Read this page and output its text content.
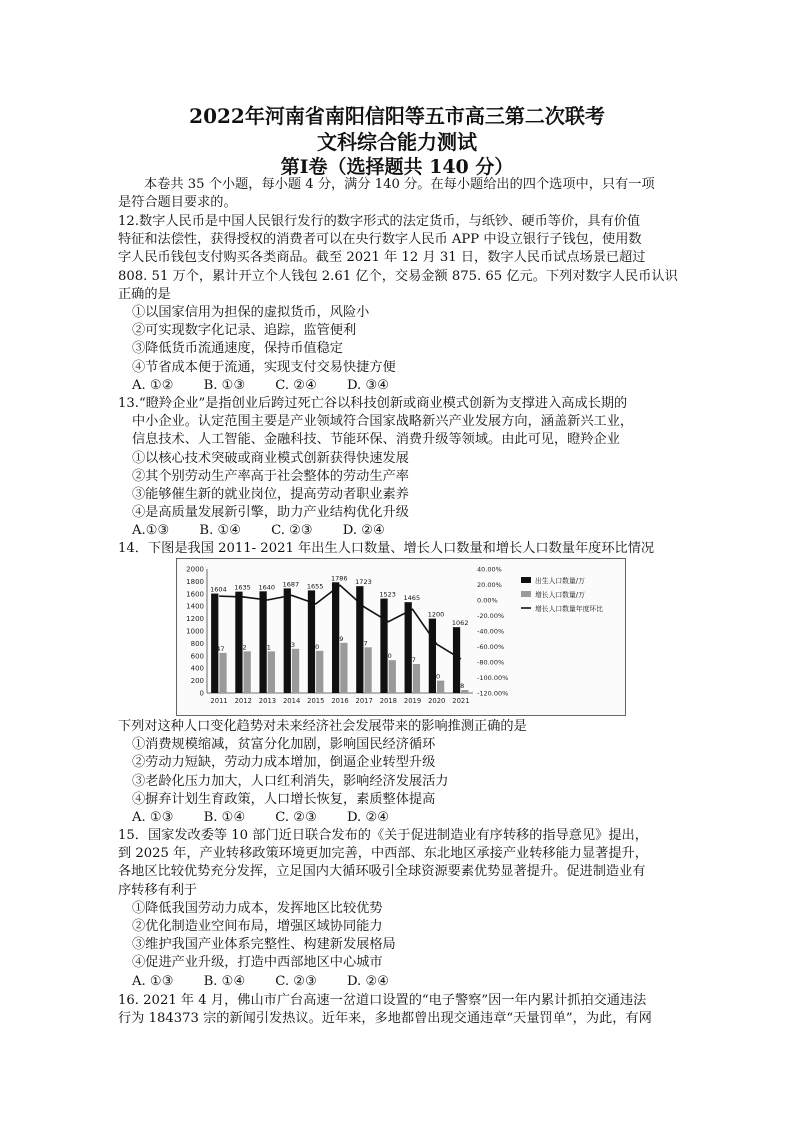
2022年河南省南阳信阳等五市高三第二次联考
文科综合能力测试
第Ⅰ卷（选择题共 140 分）
本卷共 35 个小题，每小题 4 分，满分 140 分。在每小题给出的四个选项中，只有一项
是符合题目要求的。
12.数字人民币是中国人民银行发行的数字形式的法定货币，与纸钞、硬币等价，具有价值
特征和法偿性，获得授权的消费者可以在央行数字人民币 APP 中设立银行子钱包，使用数
字人民币钱包支付购买各类商品。截至 2021 年 12 月 31 日，数字人民币试点场景已超过
808. 51 万个，累计开立个人钱包 2.61 亿个，交易金额 875. 65 亿元。下列对数字人民币认识
正确的是
①以国家信用为担保的虚拟货币，风险小
②可实现数字化记录、追踪，监管便利
③降低货币流通速度，保持币值稳定
④节省成本便于流通，实现支付交易快捷方便
A. ①② B. ①③ C. ②④ D. ③④
13.“瞪羚企业”是指创业后跨过死亡谷以科技创新或商业模式创新为支撑进入高成长期的
中小企业。认定范围主要是产业领域符合国家战略新兴产业发展方向，涵盖新兴工业，
信息技术、人工智能、金融科技、节能环保、消费升级等领域。由此可见，瞪羚企业
①以核心技术突破或商业模式创新获得快速发展
②其个别劳动生产率高于社会整体的劳动生产率
③能够催生新的就业岗位，提高劳动者职业素养
④是高质量发展新引擎，助力产业结构优化升级
A.①③ B. ①④ C. ②③ D. ②④
14．下图是我国 2011- 2021 年出生人口数量、增长人口数量和增长人口数量年度环比情况
0
200
400
600
800
1000
1200
1400
1600
1800
2000
-120.00%
-100.00%
-80.00%
-60.00%
-40.00%
-20.00%
0.00%
20.00%
40.00%
1604
647
2011
1635
72
2012
1640
71
2013
1687
13
2014
1655
80
2015
1786
09
2016
1723
37
2017
1523
30
2018
1465
67
2019
1200
00
2020
1062
48
2021
出生人口数量/万
增长人口数量/万
增长人口数量年度环比
下列对这种人口变化趋势对未来经济社会发展带来的影响推测正确的是
①消费规模缩减，贫富分化加剧，影响国民经济循环
②劳动力短缺，劳动力成本增加，倒逼企业转型升级
③老龄化压力加大，人口红利消失，影响经济发展活力
④摒弃计划生育政策，人口增长恢复，素质整体提高
A. ①③ B. ①④ C. ②③ D. ②④
15．国家发改委等 10 部门近日联合发布的《关于促进制造业有序转移的指导意见》提出，
到 2025 年，产业转移政策环境更加完善，中西部、东北地区承接产业转移能力显著提升，
各地区比较优势充分发挥，立足国内大循环吸引全球资源要素优势显著提升。促进制造业有
序转移有利于
①降低我国劳动力成本，发挥地区比较优势
②优化制造业空间布局，增强区域协同能力
③维护我国产业体系完整性、构建新发展格局
④促进产业升级，打造中西部地区中心城市
A. ①③ B. ①④ C. ②③ D. ②④
16. 2021 年 4 月，佛山市广台高速一岔道口设置的“电子警察”因一年内累计抓拍交通违法
行为 184373 宗的新闻引发热议。近年来，多地都曾出现交通违章“天量罚单”，为此，有网
